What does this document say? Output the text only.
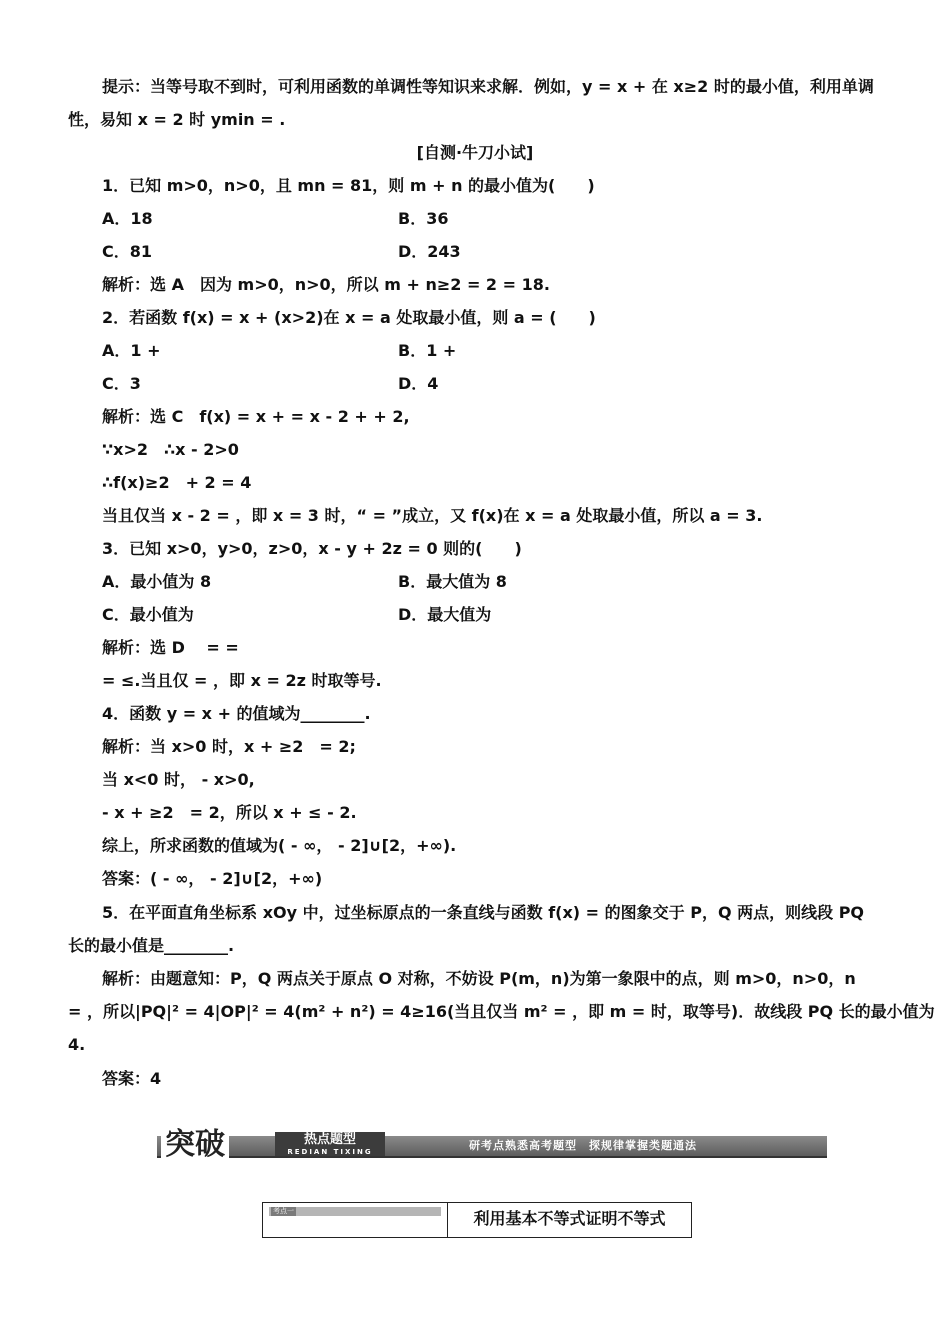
提示：当等号取不到时，可利用函数的单调性等知识来求解．例如，y = x + 在 x≥2 时的最小值，利用单调
性，易知 x = 2 时 ymin = .
[自测·牛刀小试]
1．已知 m>0，n>0，且 mn = 81，则 m + n 的最小值为(　　)
A．18	B．36
C．81	D．243
解析：选 A　因为 m>0，n>0，所以 m + n≥2 = 2 = 18.
2．若函数 f(x) = x + (x>2)在 x = a 处取最小值，则 a = (　　)
A．1 +	B．1 +
C．3	D．4
解析：选 C　f(x) = x + = x - 2 + + 2,
∵x>2　∴x - 2>0
∴f(x)≥2　+ 2 = 4
当且仅当 x - 2 = ，即 x = 3 时，“ = ”成立，又 f(x)在 x = a 处取最小值，所以 a = 3.
3．已知 x>0，y>0，z>0，x - y + 2z = 0 则的(　　)
A．最小值为 8	B．最大值为 8
C．最小值为	D．最大值为
解析：选 D　 = =
= ≤.当且仅 = ，即 x = 2z 时取等号.
4．函数 y = x + 的值域为________.
解析：当 x>0 时，x + ≥2　= 2;
当 x<0 时， - x>0,
- x + ≥2　= 2，所以 x + ≤ - 2.
综上，所求函数的值域为( - ∞， - 2]∪[2，+∞).
答案：( - ∞， - 2]∪[2，+∞)
5．在平面直角坐标系 xOy 中，过坐标原点的一条直线与函数 f(x) = 的图象交于 P，Q 两点，则线段 PQ
长的最小值是________.
解析：由题意知：P，Q 两点关于原点 O 对称，不妨设 P(m，n)为第一象限中的点，则 m>0，n>0，n
= ，所以|PQ|² = 4|OP|² = 4(m² + n²) = 4≥16(当且仅当 m² = ，即 m = 时，取等号)．故线段 PQ 长的最小值为
4.
答案：4
突破	热点题型
REDIAN TIXING	研考点熟悉高考题型　探规律掌握类题通法
考点一	利用基本不等式证明不等式
